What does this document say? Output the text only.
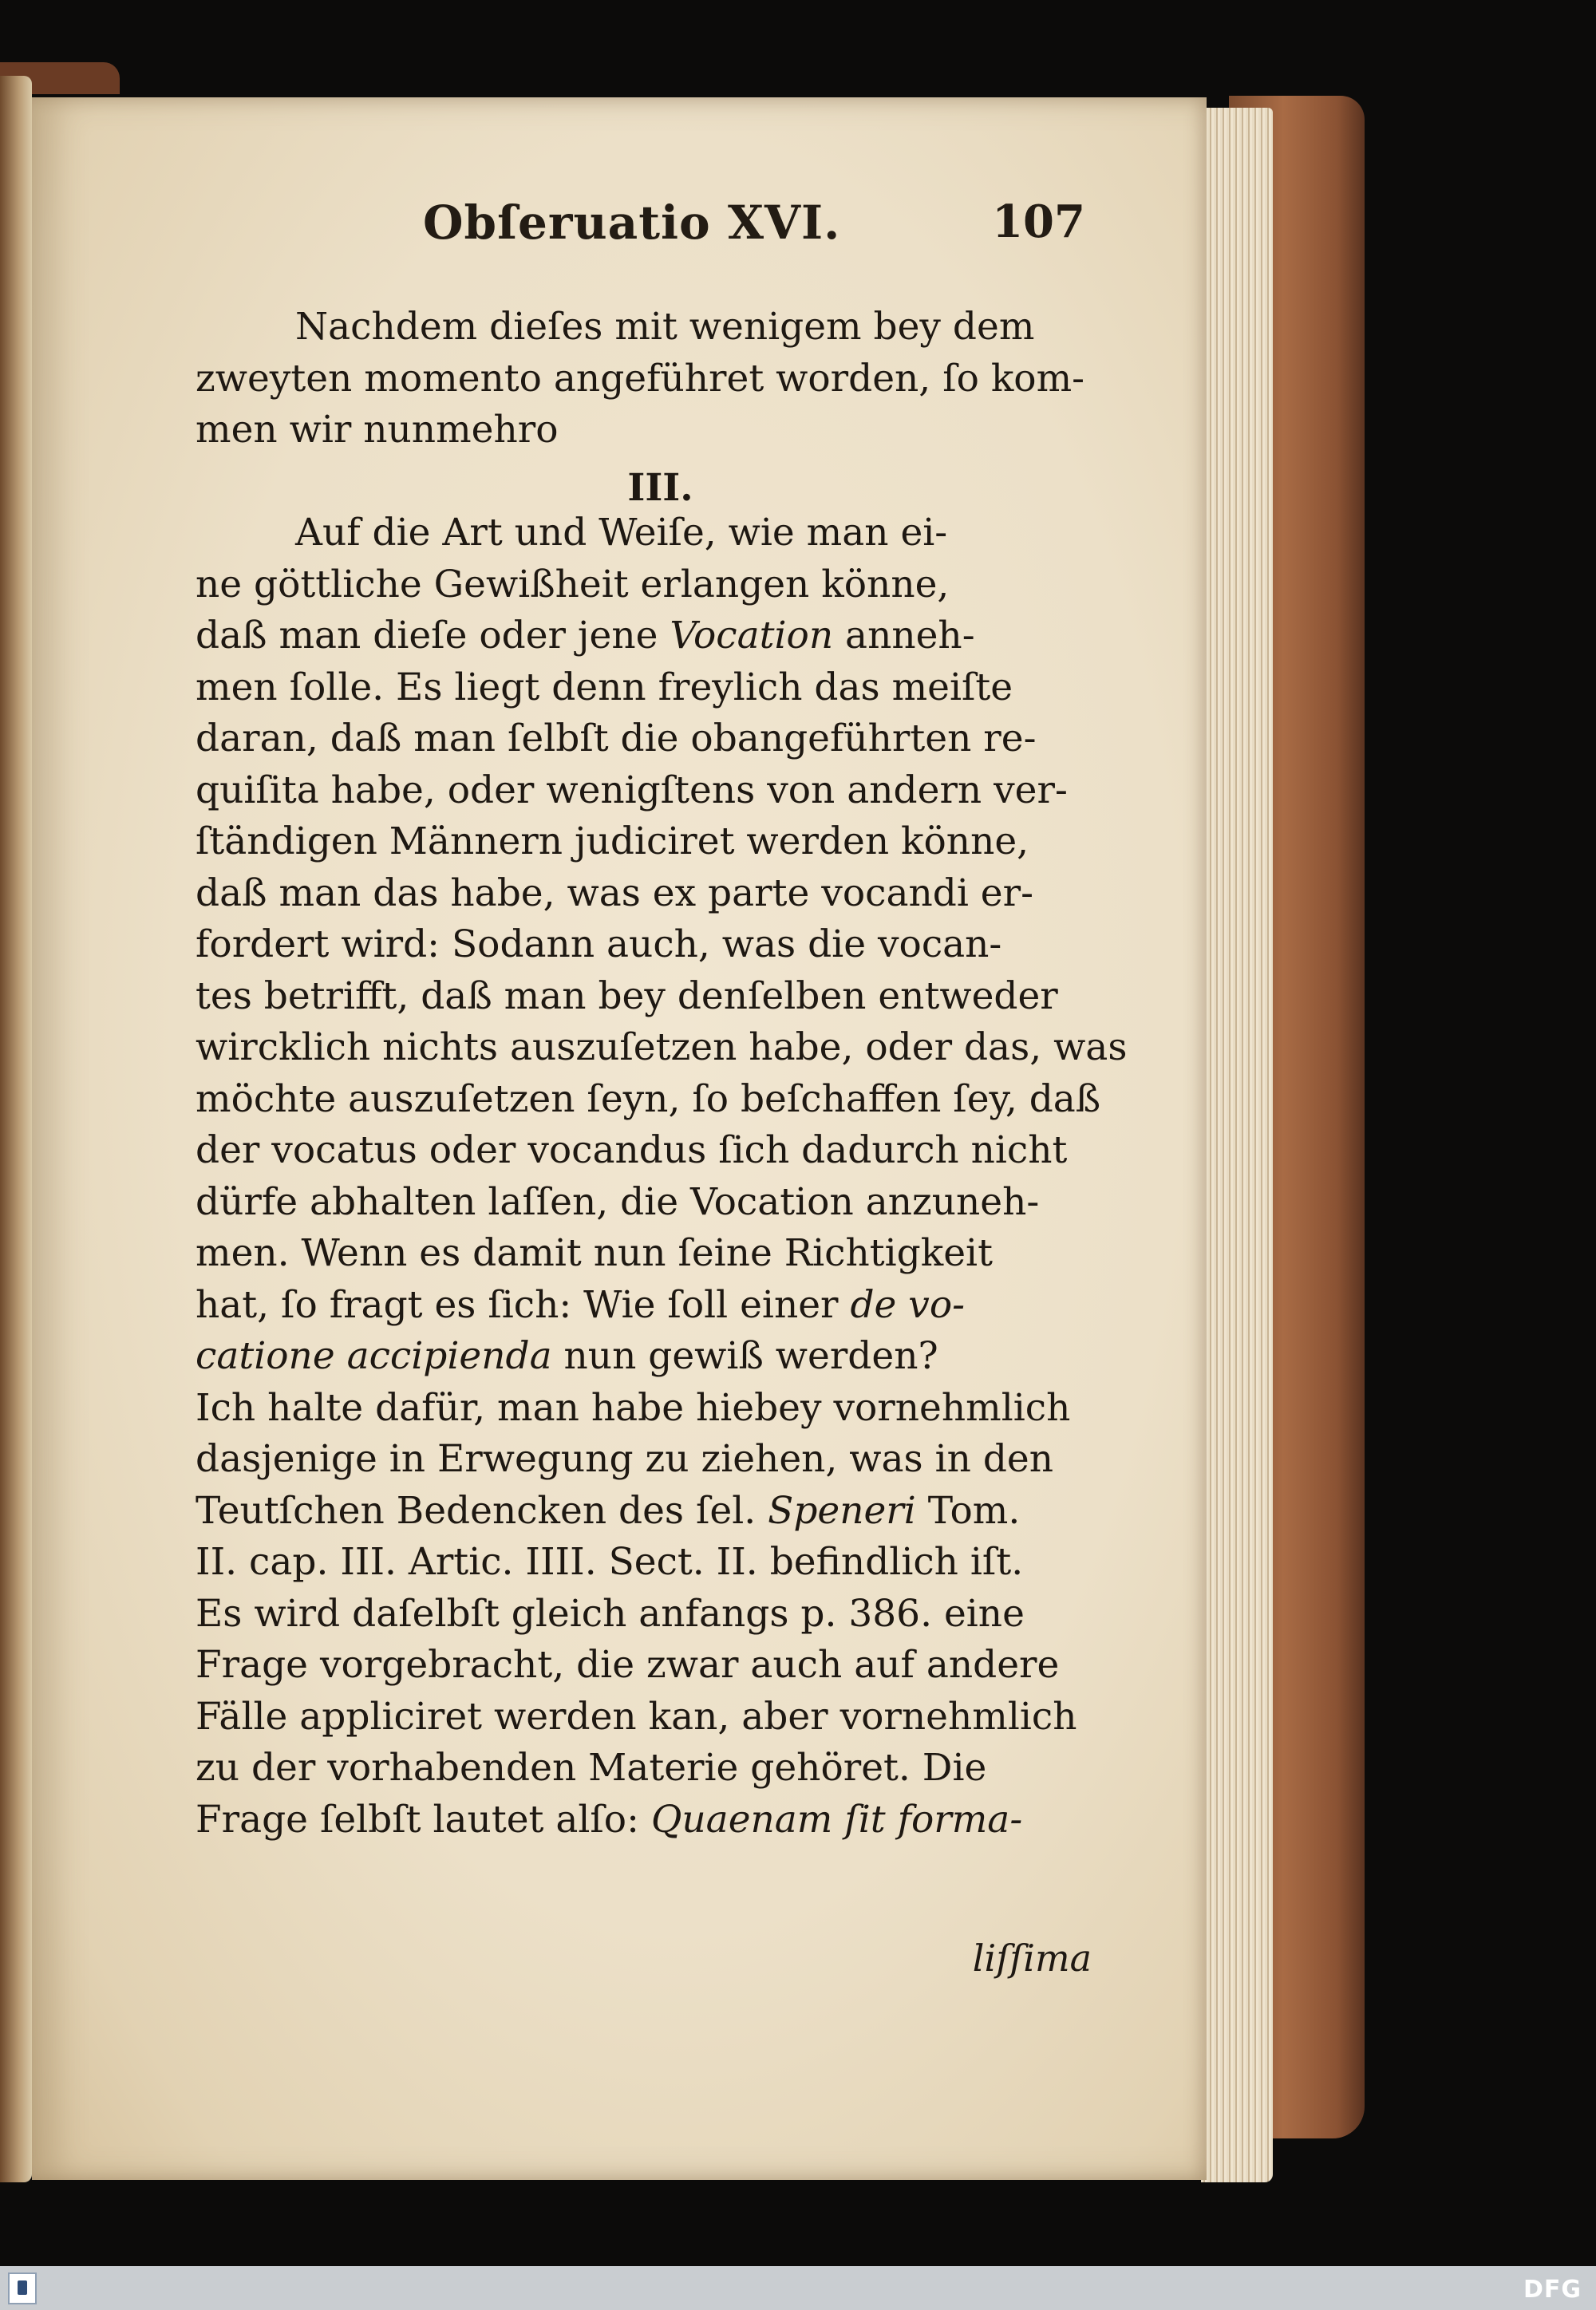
Obſeruatio XVI.	107
Nachdem dieſes mit wenigem bey dem
zweyten momento angeführet worden, ſo kom-
men wir nunmehro
III.
Auf die Art und Weiſe, wie man ei-
ne göttliche Gewißheit erlangen könne,
daß man dieſe oder jene Vocation anneh-
men ſolle. Es liegt denn freylich das meiſte
daran, daß man ſelbſt die obangeführten re-
quiſita habe, oder wenigſtens von andern ver-
ſtändigen Männern judiciret werden könne,
daß man das habe, was ex parte vocandi er-
fordert wird: Sodann auch, was die vocan-
tes betrifft, daß man bey denſelben entweder
wircklich nichts auszuſetzen habe, oder das, was
möchte auszuſetzen ſeyn, ſo beſchaffen ſey, daß
der vocatus oder vocandus ſich dadurch nicht
dürfe abhalten laſſen, die Vocation anzuneh-
men. Wenn es damit nun ſeine Richtigkeit
hat, ſo fragt es ſich: Wie ſoll einer de vo-
catione accipienda nun gewiß werden?
Ich halte dafür, man habe hiebey vornehmlich
dasjenige in Erwegung zu ziehen, was in den
Teutſchen Bedencken des ſel. Speneri Tom.
II. cap. III. Artic. IIII. Sect. II. befindlich iſt.
Es wird daſelbſt gleich anfangs p. 386. eine
Frage vorgebracht, die zwar auch auf andere
Fälle appliciret werden kan, aber vornehmlich
zu der vorhabenden Materie gehöret. Die
Frage ſelbſt lautet alſo: Quaenam ſit forma-
liſſima
DFG
